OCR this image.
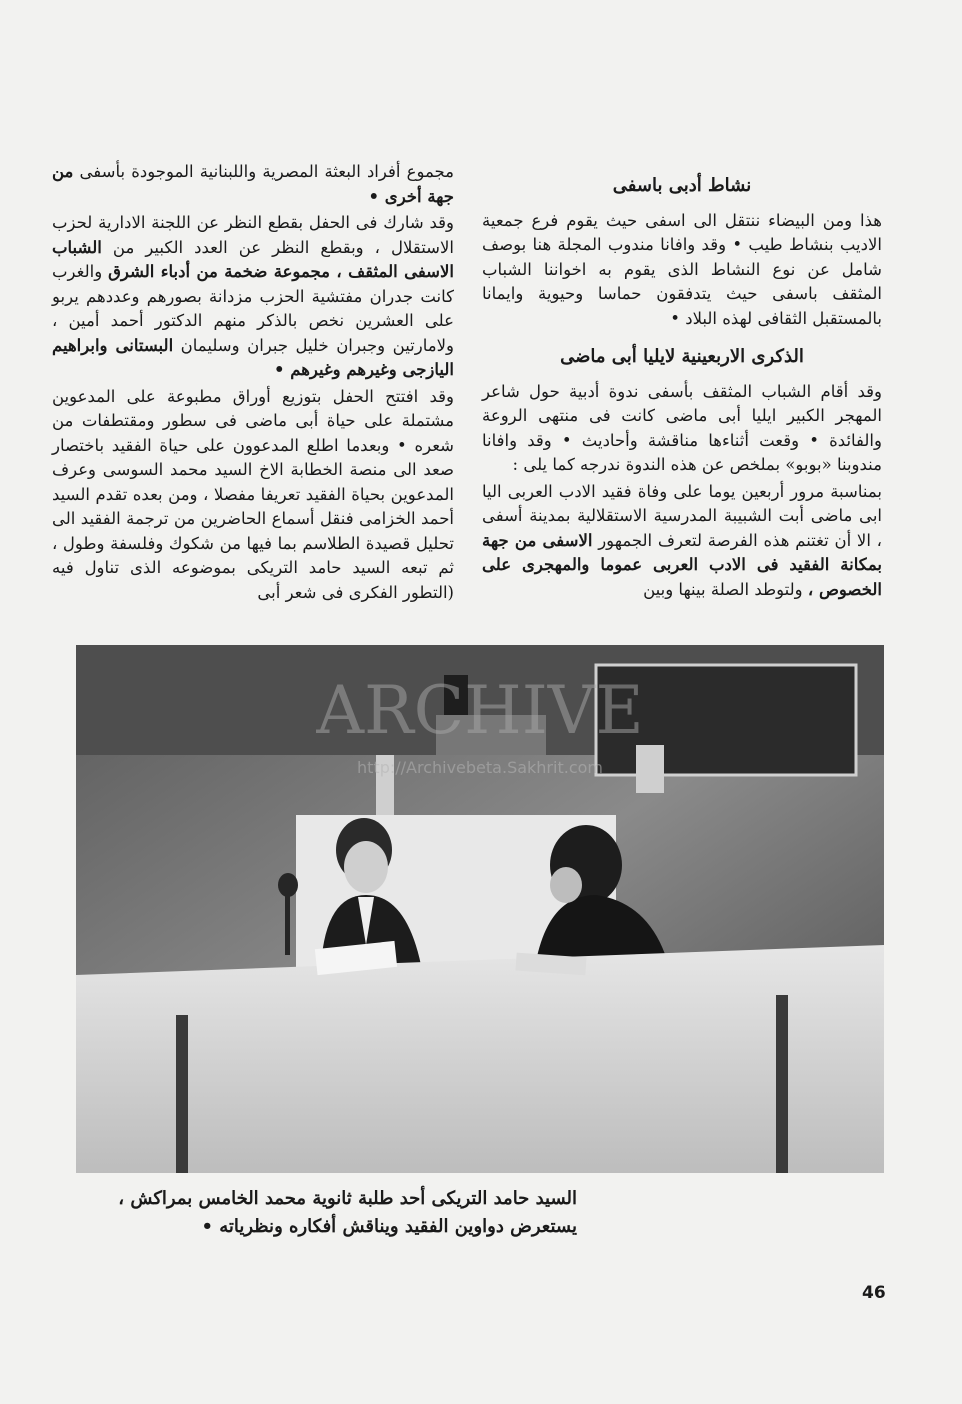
نشاط أدبى باسفى

هذا ومن البيضاء ننتقل الى اسفى حيث يقوم فرع جمعية الاديب بنشاط طيب • وقد وافانا مندوب المجلة هنا بوصف شامل عن نوع النشاط الذى يقوم به اخواننا الشباب المثقف باسفى حيث يتدفقون حماسا وحيوية وايمانا بالمستقبل الثقافى لهذه البلاد •

الذكرى الاربعينية لايليا أبى ماضى

وقد أقام الشباب المثقف بأسفى ندوة أدبية حول شاعر المهجر الكبير ايليا أبى ماضى كانت فى منتهى الروعة والفائدة • وقعت أثناءها مناقشة وأحاديث • وقد وافانا مندوبنا «بوبو» بملخص عن هذه الندوة ندرجه كما يلى :

بمناسبة مرور أربعين يوما على وفاة فقيد الادب العربى اليا ابى ماضى أبت الشبيبة المدرسية الاستقلالية بمدينة أسفى ، الا أن تغتنم هذه الفرصة لتعرف الجمهور الاسفى من جهة بمكانة الفقيد فى الادب العربى عموما والمهجرى على الخصوص ، ولتوطد الصلة بينها وبين

مجموع أفراد البعثة المصرية واللبنانية الموجودة بأسفى من جهة أخرى •

وقد شارك فى الحفل بقطع النظر عن اللجنة الادارية لحزب الاستقلال ، وبقطع النظر عن العدد الكبير من الشباب الاسفى المثقف ، مجموعة ضخمة من أدباء الشرق والغرب كانت جدران مفتشية الحزب مزدانة بصورهم وعددهم يربو على العشرين نخص بالذكر منهم الدكتور أحمد أمين ، ولامارتين وجبران خليل جبران وسليمان البستانى وابراهيم اليازجى وغيرهم وغيرهم •

وقد افتتح الحفل بتوزيع أوراق مطبوعة على المدعوين مشتملة على حياة أبى ماضى فى سطور ومقتطفات من شعره • وبعدما اطلع المدعوون على حياة الفقيد باختصار صعد الى منصة الخطابة الاخ السيد محمد السوسى وعرف المدعوين بحياة الفقيد تعريفا مفصلا ، ومن بعده تقدم السيد أحمد الخزامى فنقل أسماع الحاضرين من ترجمة الفقيد الى تحليل قصيدة الطلاسم بما فيها من شكوك وفلسفة وطول ، ثم تبعه السيد حامد التريكى بموضوعه الذى تناول فيه (التطور الفكرى فى شعر أبى

ARCHIVE
http://Archivebeta.Sakhrit.com
السيد حامد التريكى أحد طلبة ثانوية محمد الخامس بمراكش ،
يستعرض دواوين الفقيد ويناقش أفكاره ونظرياته •
46
